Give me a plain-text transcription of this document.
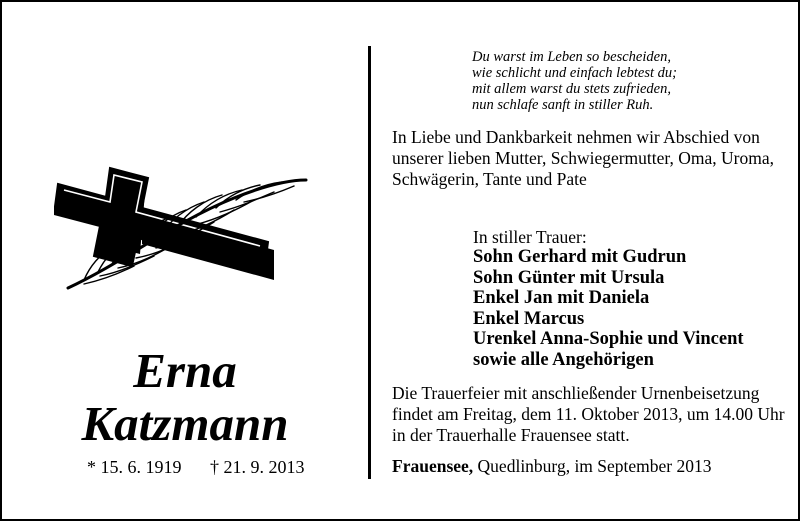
Erna
Katzmann
* 15. 6. 1919 † 21. 9. 2013
Du warst im Leben so bescheiden,
wie schlicht und einfach lebtest du;
mit allem warst du stets zufrieden,
nun schlafe sanft in stiller Ruh.
In Liebe und Dankbarkeit nehmen wir Abschied von
unserer lieben Mutter, Schwiegermutter, Oma, Uroma,
Schwägerin, Tante und Pate
In stiller Trauer:
Sohn Gerhard mit Gudrun
Sohn Günter mit Ursula
Enkel Jan mit Daniela
Enkel Marcus
Urenkel Anna-Sophie und Vincent
sowie alle Angehörigen
Die Trauerfeier mit anschließender Urnenbeisetzung
findet am Freitag, dem 11. Oktober 2013, um 14.00 Uhr
in der Trauerhalle Frauensee statt.
Frauensee, Quedlinburg, im September 2013
